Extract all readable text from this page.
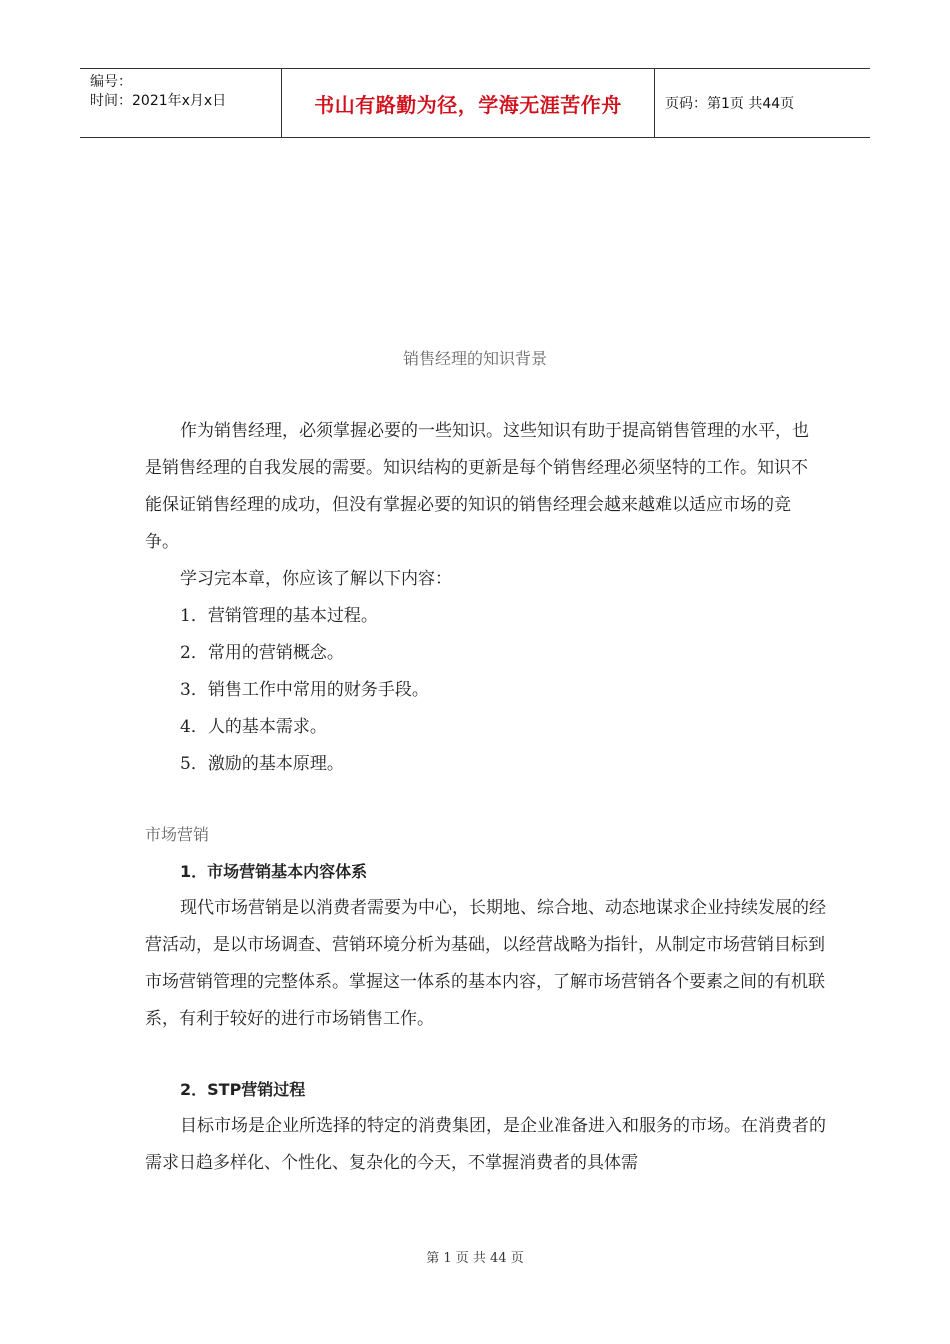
编号：
时间：2021年x月x日	书山有路勤为径，学海无涯苦作舟	页码：第1页 共44页
销售经理的知识背景

作为销售经理，必须掌握必要的一些知识。这些知识有助于提高销售管理的水平，也是销售经理的自我发展的需要。知识结构的更新是每个销售经理必须坚特的工作。知识不能保证销售经理的成功，但没有掌握必要的知识的销售经理会越来越难以适应市场的竞争。

学习完本章，你应该了解以下内容：

1．营销管理的基本过程。

2．常用的营销概念。

3．销售工作中常用的财务手段。

4．人的基本需求。

5．激励的基本原理。

市场营销

1．市场营销基本内容体系

现代市场营销是以消费者需要为中心，长期地、综合地、动态地谋求企业持续发展的经营活动，是以市场调查、营销环境分析为基础，以经营战略为指针，从制定市场营销目标到市场营销管理的完整体系。掌握这一体系的基本内容，了解市场营销各个要素之间的有机联系，有利于较好的进行市场销售工作。

2．STP营销过程

目标市场是企业所选择的特定的消费集团，是企业准备进入和服务的市场。在消费者的需求日趋多样化、个性化、复杂化的今天，不掌握消费者的具体需

第 1 页 共 44 页
